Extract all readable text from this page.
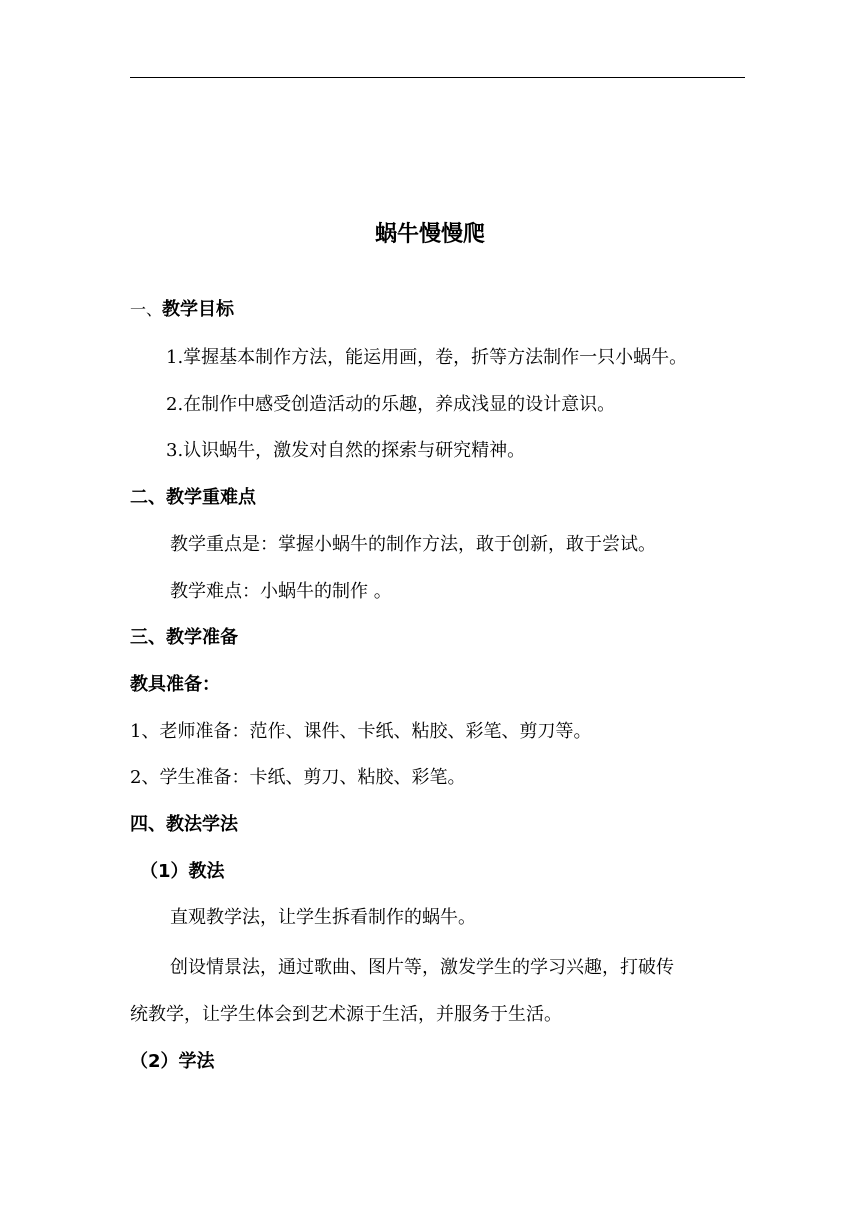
蜗牛慢慢爬
一、教学目标
1.掌握基本制作方法，能运用画，卷，折等方法制作一只小蜗牛。
2.在制作中感受创造活动的乐趣，养成浅显的设计意识。
3.认识蜗牛，激发对自然的探索与研究精神。
二、教学重难点
教学重点是：掌握小蜗牛的制作方法，敢于创新，敢于尝试。
教学难点：小蜗牛的制作 。
三、教学准备
教具准备：
1、老师准备：范作、课件、卡纸、粘胶、彩笔、剪刀等。
2、学生准备：卡纸、剪刀、粘胶、彩笔。
四、教法学法
（1）教法
直观教学法，让学生拆看制作的蜗牛。
创设情景法，通过歌曲、图片等，激发学生的学习兴趣，打破传
统教学，让学生体会到艺术源于生活，并服务于生活。
（2）学法
